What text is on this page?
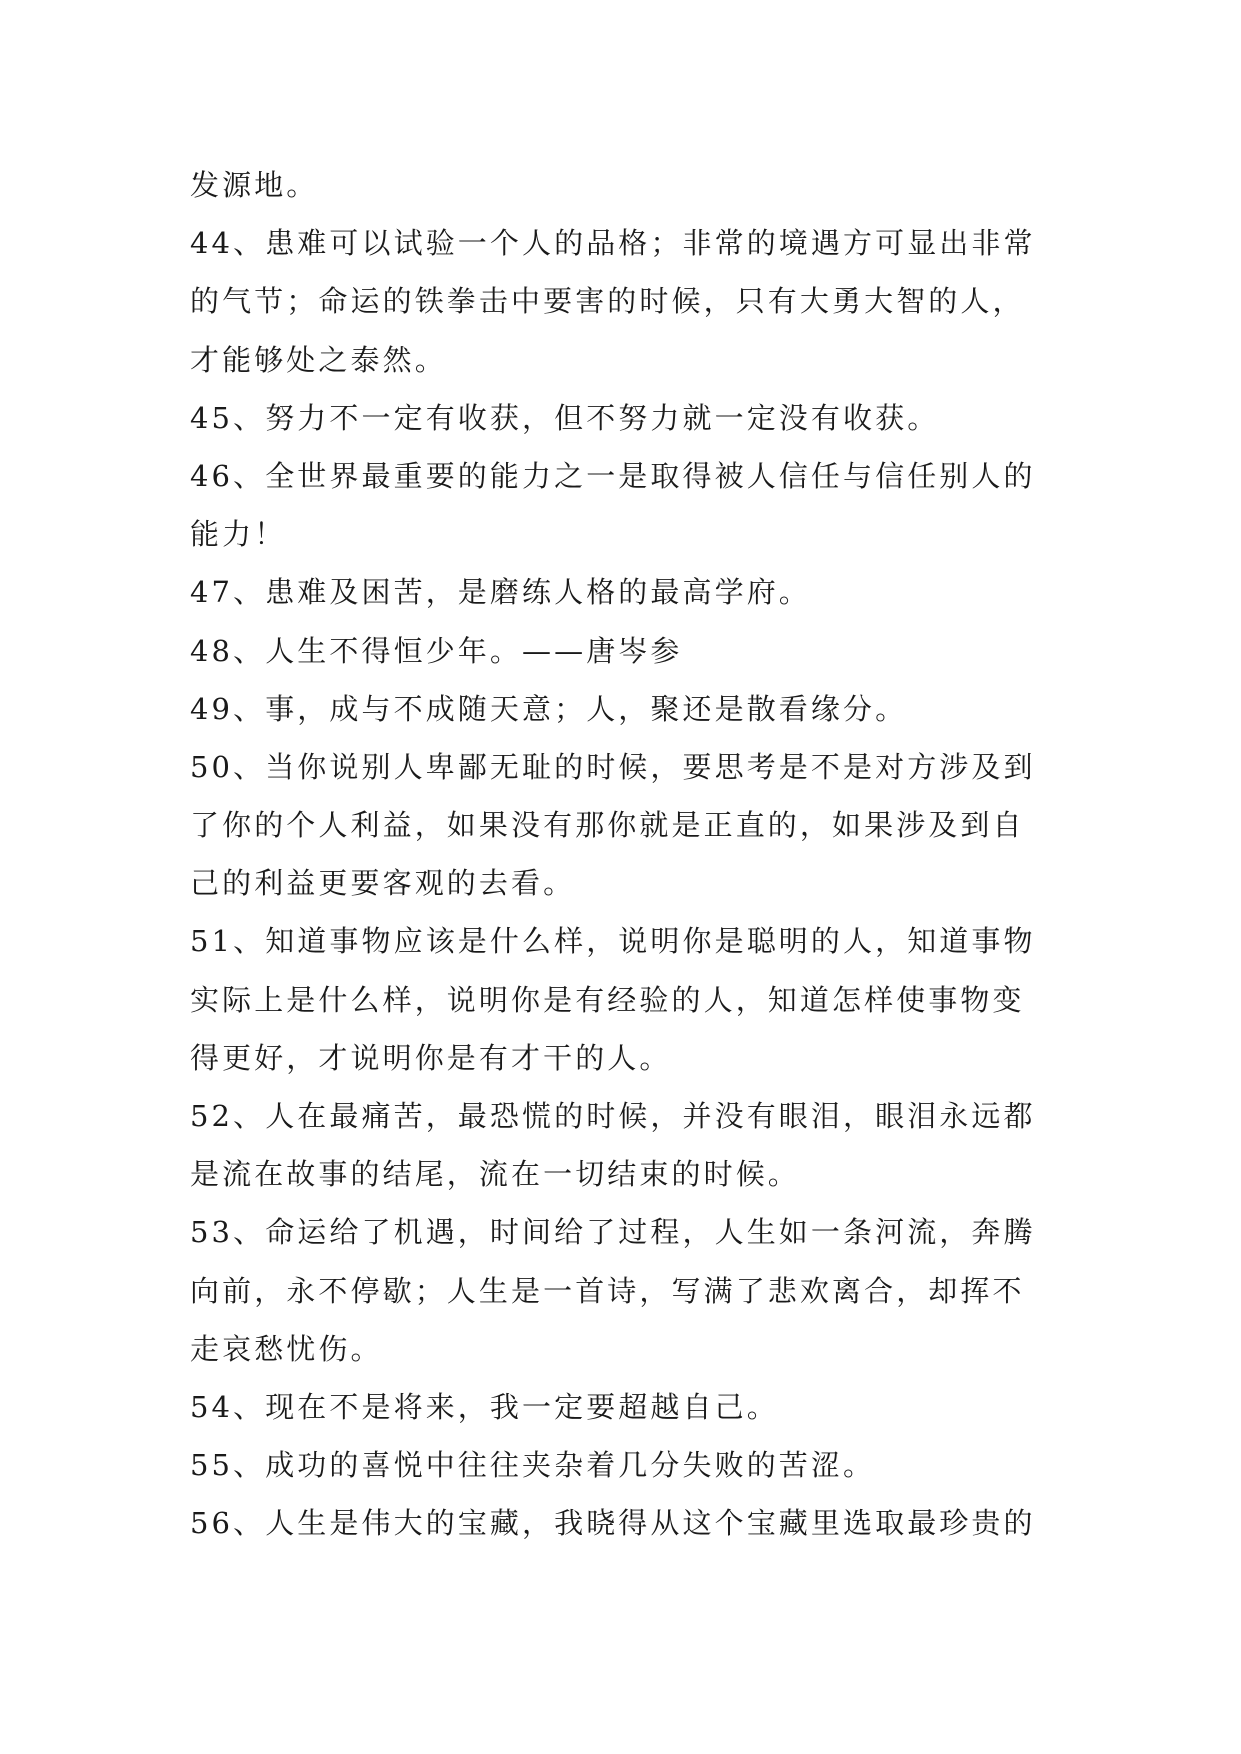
发源地。
44、患难可以试验一个人的品格；非常的境遇方可显出非常
的气节；命运的铁拳击中要害的时候，只有大勇大智的人，
才能够处之泰然。
45、努力不一定有收获，但不努力就一定没有收获。
46、全世界最重要的能力之一是取得被人信任与信任别人的
能力！
47、患难及困苦，是磨练人格的最高学府。
48、人生不得恒少年。——唐岑参
49、事，成与不成随天意；人，聚还是散看缘分。
50、当你说别人卑鄙无耻的时候，要思考是不是对方涉及到
了你的个人利益，如果没有那你就是正直的，如果涉及到自
己的利益更要客观的去看。
51、知道事物应该是什么样，说明你是聪明的人，知道事物
实际上是什么样，说明你是有经验的人，知道怎样使事物变
得更好，才说明你是有才干的人。
52、人在最痛苦，最恐慌的时候，并没有眼泪，眼泪永远都
是流在故事的结尾，流在一切结束的时候。
53、命运给了机遇，时间给了过程，人生如一条河流，奔腾
向前，永不停歇；人生是一首诗，写满了悲欢离合，却挥不
走哀愁忧伤。
54、现在不是将来，我一定要超越自己。
55、成功的喜悦中往往夹杂着几分失败的苦涩。
56、人生是伟大的宝藏，我晓得从这个宝藏里选取最珍贵的
